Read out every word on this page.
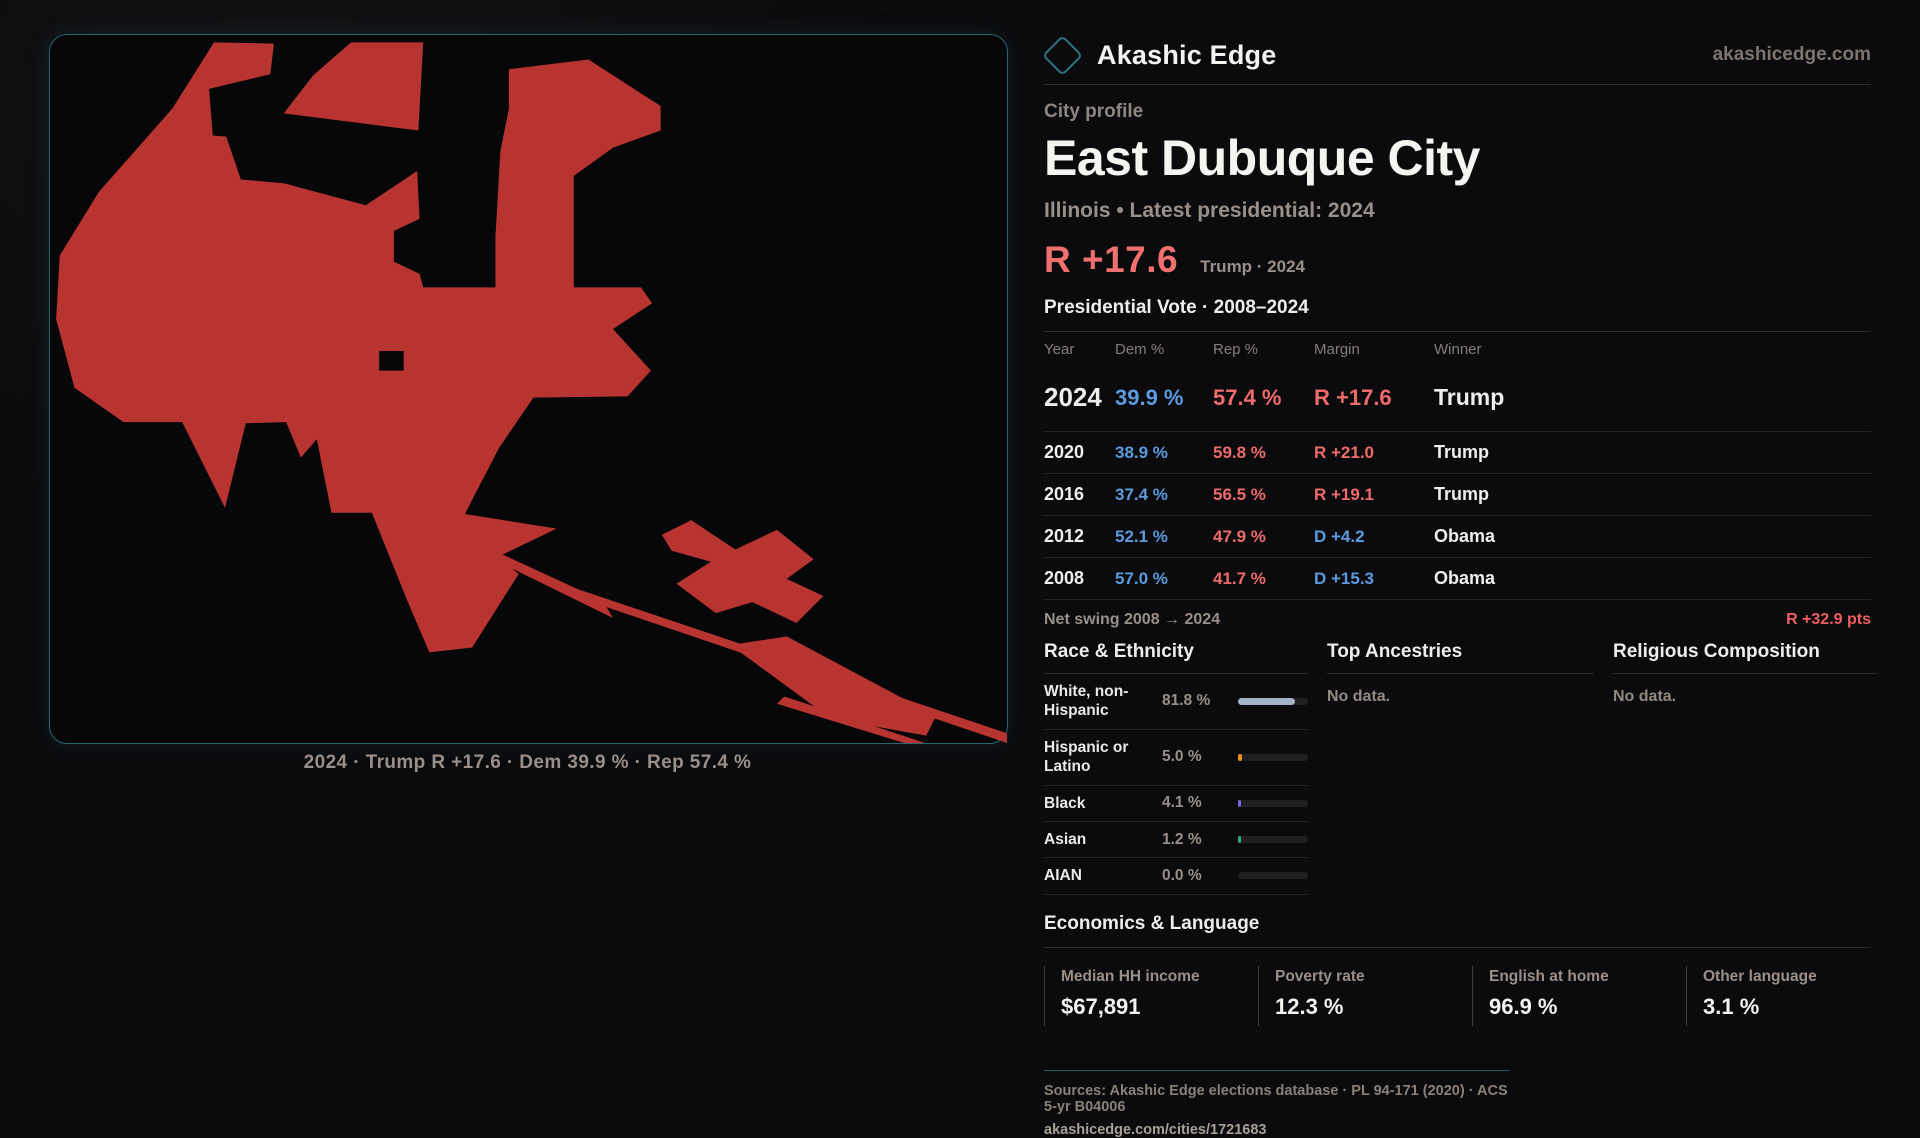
2024 · Trump R +17.6 · Dem 39.9 % · Rep 57.4 %
Akashic Edge	akashicedge.com
City profile
East Dubuque City
Illinois • Latest presidential: 2024
R +17.6 Trump · 2024
Presidential Vote · 2008–2024
Year	Dem %	Rep %	Margin	Winner
2024 39.9 %	57.4 %	R +17.6	Trump
2020	38.9 %	59.8 %	R +21.0	Trump
2016	37.4 %	56.5 %	R +19.1	Trump
2012	52.1 %	47.9 %	D +4.2	Obama
2008	57.0 %	41.7 %	D +15.3	Obama
Net swing 2008 → 2024	R +32.9 pts
Race & Ethnicity
White, non-Hispanic
81.8 %
Hispanic or Latino
5.0 %
Black	4.1 %
Asian	1.2 %
AIAN	0.0 %
Top Ancestries
No data.
Religious Composition
No data.
Economics & Language
Median HH income
$67,891
Poverty rate
12.3 %
English at home
96.9 %
Other language
3.1 %
Sources: Akashic Edge elections database · PL 94-171 (2020) · ACS 5-yr B04006
akashicedge.com/cities/1721683
